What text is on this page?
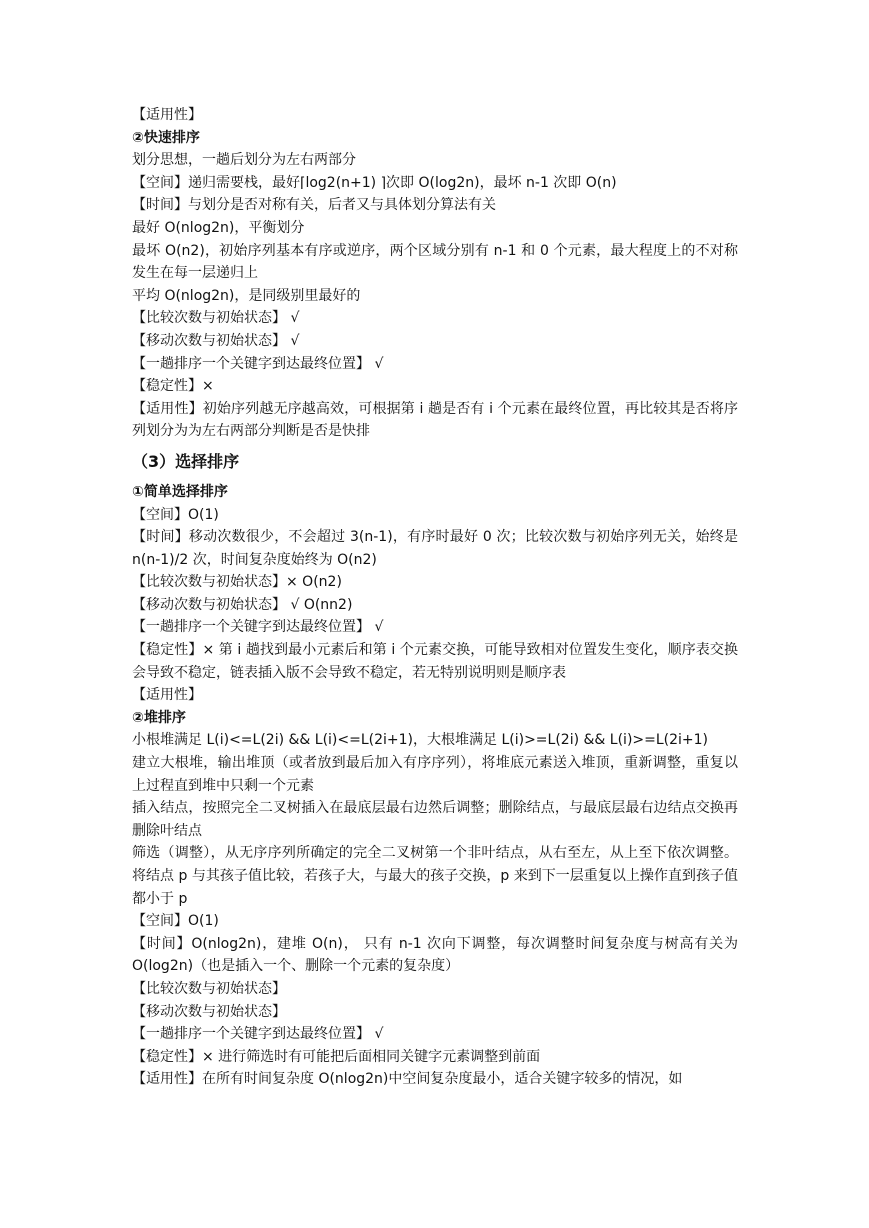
【适用性】
②快速排序
划分思想，一趟后划分为左右两部分
【空间】递归需要栈，最好⌈log2(n+1) ⌉次即 O(log2n)，最坏 n-1 次即 O(n)
【时间】与划分是否对称有关，后者又与具体划分算法有关
最好 O(nlog2n)，平衡划分
最坏 O(n2)，初始序列基本有序或逆序，两个区域分别有 n-1 和 0 个元素，最大程度上的不对称发生在每一层递归上
平均 O(nlog2n)，是同级别里最好的
【比较次数与初始状态】 √
【移动次数与初始状态】 √
【一趟排序一个关键字到达最终位置】 √
【稳定性】×
【适用性】初始序列越无序越高效，可根据第 i 趟是否有 i 个元素在最终位置，再比较其是否将序列划分为为左右两部分判断是否是快排
（3）选择排序
①简单选择排序
【空间】O(1)
【时间】移动次数很少，不会超过 3(n-1)，有序时最好 0 次；比较次数与初始序列无关，始终是 n(n-1)/2 次，时间复杂度始终为 O(n2)
【比较次数与初始状态】× O(n2)
【移动次数与初始状态】 √ O(nn2)
【一趟排序一个关键字到达最终位置】 √
【稳定性】× 第 i 趟找到最小元素后和第 i 个元素交换，可能导致相对位置发生变化，顺序表交换会导致不稳定，链表插入版不会导致不稳定，若无特别说明则是顺序表
【适用性】
②堆排序
小根堆满足 L(i)<=L(2i) && L(i)<=L(2i+1)，大根堆满足 L(i)>=L(2i) && L(i)>=L(2i+1)
建立大根堆，输出堆顶（或者放到最后加入有序序列），将堆底元素送入堆顶，重新调整，重复以上过程直到堆中只剩一个元素
插入结点，按照完全二叉树插入在最底层最右边然后调整；删除结点，与最底层最右边结点交换再删除叶结点
筛选（调整），从无序序列所确定的完全二叉树第一个非叶结点，从右至左，从上至下依次调整。将结点 p 与其孩子值比较，若孩子大，与最大的孩子交换，p 来到下一层重复以上操作直到孩子值都小于 p
【空间】O(1)
【时间】O(nlog2n)，建堆 O(n)， 只有 n-1 次向下调整，每次调整时间复杂度与树高有关为 O(log2n)（也是插入一个、删除一个元素的复杂度）
【比较次数与初始状态】
【移动次数与初始状态】
【一趟排序一个关键字到达最终位置】 √
【稳定性】× 进行筛选时有可能把后面相同关键字元素调整到前面
【适用性】在所有时间复杂度 O(nlog2n)中空间复杂度最小，适合关键字较多的情况，如
